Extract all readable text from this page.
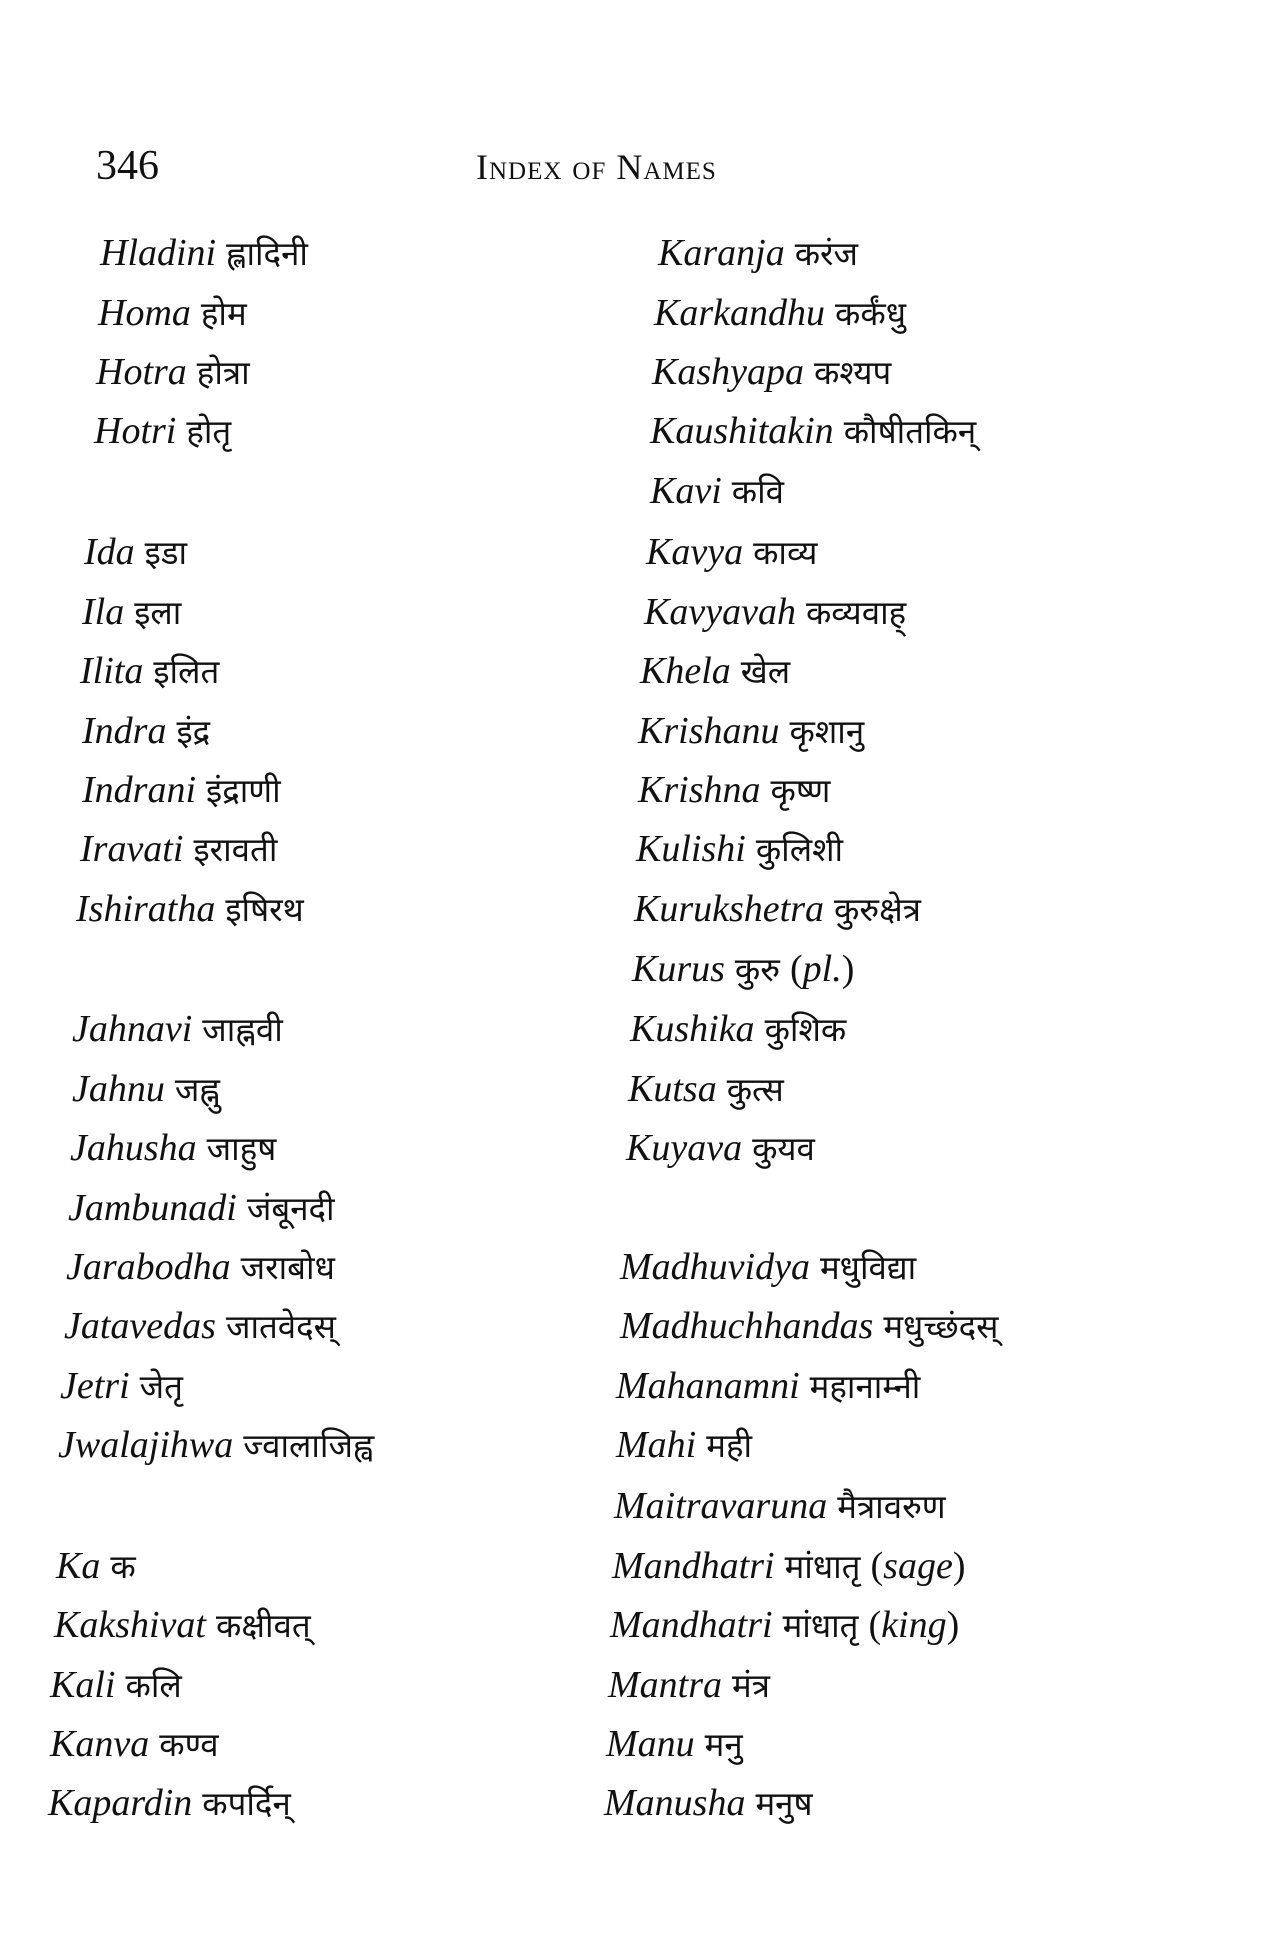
346	Index of Names
Hladini ह्लादिनी
Homa होम
Hotra होत्रा
Hotri होतृ
Ida इडा
Ila इला
Ilita इलित
Indra इंद्र
Indrani इंद्राणी
Iravati इरावती
Ishiratha इषिरथ
Jahnavi जाह्नवी
Jahnu जह्नु
Jahusha जाहुष
Jambunadi जंबूनदी
Jarabodha जराबोध
Jatavedas जातवेदस्
Jetri जेतृ
Jwalajihwa ज्वालाजिह्व
Ka क
Kakshivat कक्षीवत्
Kali कलि
Kanva कण्व
Kapardin कपर्दिन्
Karanja करंज
Karkandhu कर्कंधु
Kashyapa कश्यप
Kaushitakin कौषीतकिन्
Kavi कवि
Kavya काव्य
Kavyavah कव्यवाह्
Khela खेल
Krishanu कृशानु
Krishna कृष्ण
Kulishi कुलिशी
Kurukshetra कुरुक्षेत्र
Kurus कुरु (pl.)
Kushika कुशिक
Kutsa कुत्स
Kuyava कुयव
Madhuvidya मधुविद्या
Madhuchhandas मधुच्छंदस्
Mahanamni महानाम्नी
Mahi मही
Maitravaruna मैत्रावरुण
Mandhatri मांधातृ (sage)
Mandhatri मांधातृ (king)
Mantra मंत्र
Manu मनु
Manusha मनुष
